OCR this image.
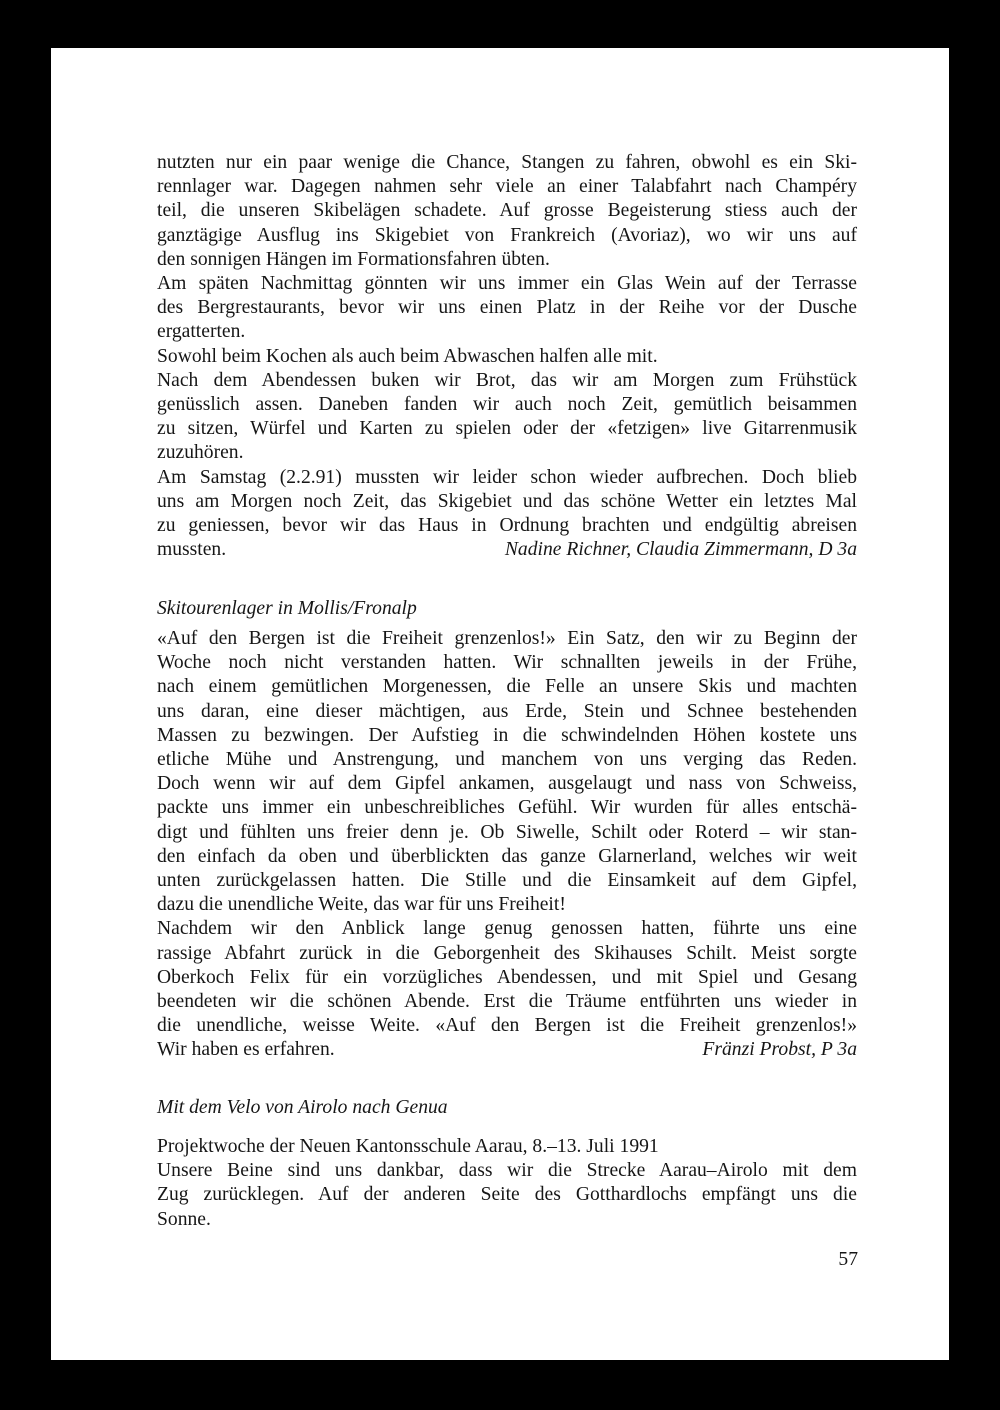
nutzten nur ein paar wenige die Chance, Stangen zu fahren, obwohl es ein Ski-
rennlager war. Dagegen nahmen sehr viele an einer Talabfahrt nach Champéry
teil, die unseren Skibelägen schadete. Auf grosse Begeisterung stiess auch der
ganztägige Ausflug ins Skigebiet von Frankreich (Avoriaz), wo wir uns auf
den sonnigen Hängen im Formationsfahren übten.

Am späten Nachmittag gönnten wir uns immer ein Glas Wein auf der Terrasse
des Bergrestaurants, bevor wir uns einen Platz in der Reihe vor der Dusche
ergatterten.

Sowohl beim Kochen als auch beim Abwaschen halfen alle mit.

Nach dem Abendessen buken wir Brot, das wir am Morgen zum Frühstück
genüsslich assen. Daneben fanden wir auch noch Zeit, gemütlich beisammen
zu sitzen, Würfel und Karten zu spielen oder der «fetzigen» live Gitarrenmusik
zuzuhören.

Am Samstag (2.2.91) mussten wir leider schon wieder aufbrechen. Doch blieb
uns am Morgen noch Zeit, das Skigebiet und das schöne Wetter ein letztes Mal
zu geniessen, bevor wir das Haus in Ordnung brachten und endgültig abreisen
mussten.	Nadine Richner, Claudia Zimmermann, D 3a

Skitourenlager in Mollis/Fronalp

«Auf den Bergen ist die Freiheit grenzenlos!» Ein Satz, den wir zu Beginn der
Woche noch nicht verstanden hatten. Wir schnallten jeweils in der Frühe,
nach einem gemütlichen Morgenessen, die Felle an unsere Skis und machten
uns daran, eine dieser mächtigen, aus Erde, Stein und Schnee bestehenden
Massen zu bezwingen. Der Aufstieg in die schwindelnden Höhen kostete uns
etliche Mühe und Anstrengung, und manchem von uns verging das Reden.
Doch wenn wir auf dem Gipfel ankamen, ausgelaugt und nass von Schweiss,
packte uns immer ein unbeschreibliches Gefühl. Wir wurden für alles entschä-
digt und fühlten uns freier denn je. Ob Siwelle, Schilt oder Roterd – wir stan-
den einfach da oben und überblickten das ganze Glarnerland, welches wir weit
unten zurückgelassen hatten. Die Stille und die Einsamkeit auf dem Gipfel,
dazu die unendliche Weite, das war für uns Freiheit!

Nachdem wir den Anblick lange genug genossen hatten, führte uns eine
rassige Abfahrt zurück in die Geborgenheit des Skihauses Schilt. Meist sorgte
Oberkoch Felix für ein vorzügliches Abendessen, und mit Spiel und Gesang
beendeten wir die schönen Abende. Erst die Träume entführten uns wieder in
die unendliche, weisse Weite. «Auf den Bergen ist die Freiheit grenzenlos!»
Wir haben es erfahren.	Fränzi Probst, P 3a

Mit dem Velo von Airolo nach Genua

Projektwoche der Neuen Kantonsschule Aarau, 8.–13. Juli 1991

Unsere Beine sind uns dankbar, dass wir die Strecke Aarau–Airolo mit dem
Zug zurücklegen. Auf der anderen Seite des Gotthardlochs empfängt uns die
Sonne.

57
